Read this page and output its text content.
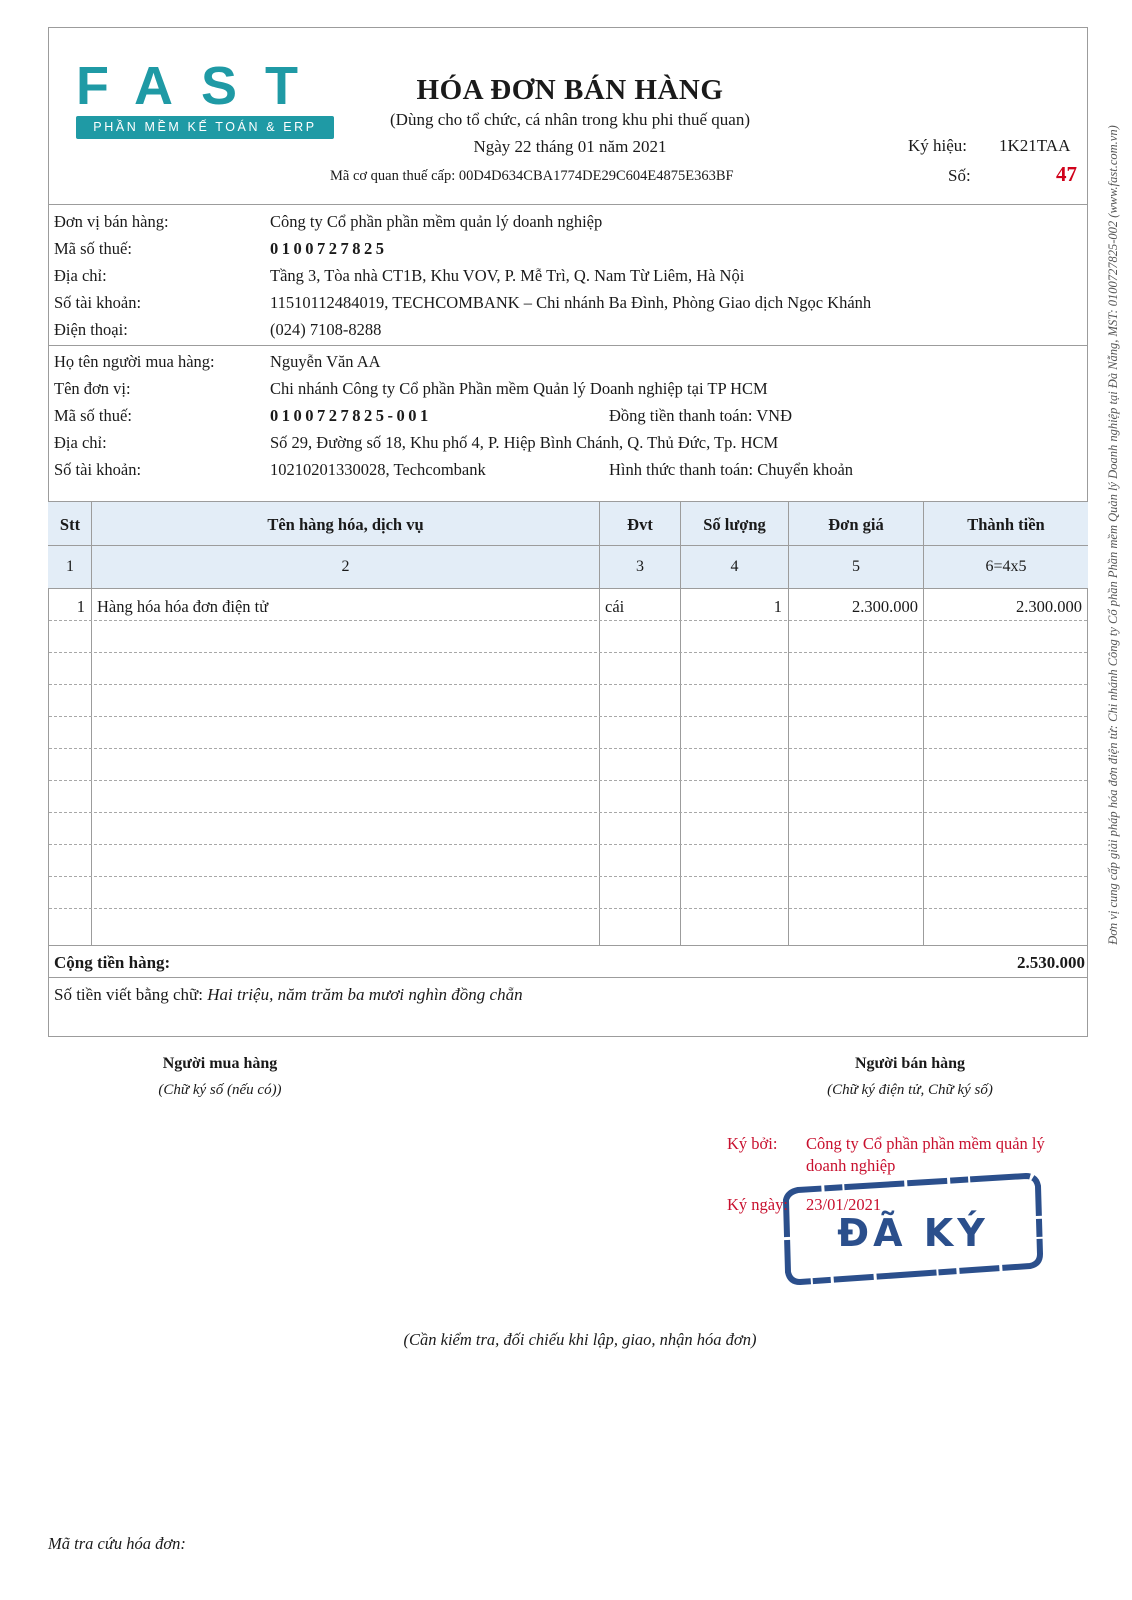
FAST
PHẦN MỀM KẾ TOÁN & ERP
HÓA ĐƠN BÁN HÀNG
(Dùng cho tổ chức, cá nhân trong khu phi thuế quan)
Ngày 22 tháng 01 năm 2021
Mã cơ quan thuế cấp: 00D4D634CBA1774DE29C604E4875E363BF
Ký hiệu: 1K21TAA
Số:	47
Đơn vị bán hàng:	Công ty Cổ phần phần mềm quản lý doanh nghiệp
Mã số thuế:	0100727825
Địa chỉ:	Tầng 3, Tòa nhà CT1B, Khu VOV, P. Mễ Trì, Q. Nam Từ Liêm, Hà Nội
Số tài khoản:	11510112484019, TECHCOMBANK – Chi nhánh Ba Đình, Phòng Giao dịch Ngọc Khánh
Điện thoại:	(024) 7108-8288
Họ tên người mua hàng:	Nguyễn Văn AA
Tên đơn vị:	Chi nhánh Công ty Cổ phần Phần mềm Quản lý Doanh nghiệp tại TP HCM
Mã số thuế:	0100727825-001	Đồng tiền thanh toán: VNĐ
Địa chỉ:	Số 29, Đường số 18, Khu phố 4, P. Hiệp Bình Chánh, Q. Thủ Đức, Tp. HCM
Số tài khoản:	10210201330028, Techcombank	Hình thức thanh toán: Chuyển khoản
Stt	Tên hàng hóa, dịch vụ	Đvt	Số lượng	Đơn giá	Thành tiền
1	2	3	4	5	6=4x5
1 Hàng hóa hóa đơn điện tử	cái	1	2.300.000	2.300.000
Cộng tiền hàng:	2.530.000
Số tiền viết bằng chữ: Hai triệu, năm trăm ba mươi nghìn đồng chẵn
Người mua hàng
(Chữ ký số (nếu có))
Người bán hàng
(Chữ ký điện tử, Chữ ký số)
Ký bởi: Công ty Cổ phần phần mềm quản lý
doanh nghiệp
ĐÃ KÝ
Ký ngày: 23/01/2021
(Cần kiểm tra, đối chiếu khi lập, giao, nhận hóa đơn)
Mã tra cứu hóa đơn:
Đơn vị cung cấp giải pháp hóa đơn điện tử: Chi nhánh Công ty Cổ phần Phần mềm Quản lý Doanh nghiệp tại Đà Nẵng, MST: 0100727825-002 (www.fast.com.vn)
